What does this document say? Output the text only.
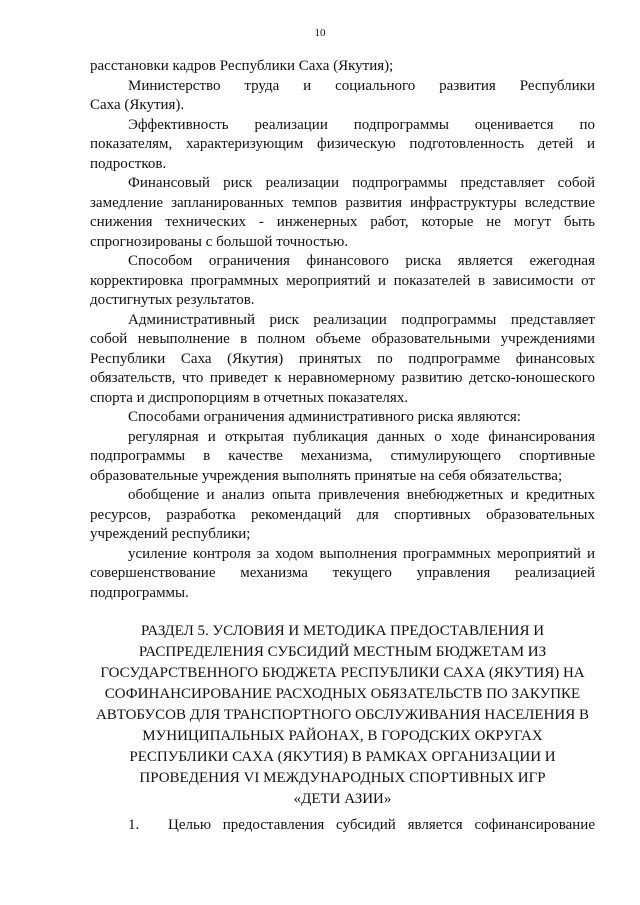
10

расстановки кадров Республики Саха (Якутия);

Министерство труда и социального развития Республики
Саха (Якутия).

Эффективность реализации подпрограммы оценивается по
показателям, характеризующим физическую подготовленность детей и
подростков.

Финансовый риск реализации подпрограммы представляет собой
замедление запланированных темпов развития инфраструктуры вследствие
снижения технических - инженерных работ, которые не могут быть
спрогнозированы с большой точностью.

Способом ограничения финансового риска является ежегодная
корректировка программных мероприятий и показателей в зависимости от
достигнутых результатов.

Административный риск реализации подпрограммы представляет
собой невыполнение в полном объеме образовательными учреждениями
Республики Саха (Якутия) принятых по подпрограмме финансовых
обязательств, что приведет к неравномерному развитию детско-юношеского
спорта и диспропорциям в отчетных показателях.

Способами ограничения административного риска являются:

регулярная и открытая публикация данных о ходе финансирования
подпрограммы в качестве механизма, стимулирующего спортивные
образовательные учреждения выполнять принятые на себя обязательства;

обобщение и анализ опыта привлечения внебюджетных и кредитных
ресурсов, разработка рекомендаций для спортивных образовательных
учреждений республики;

усиление контроля за ходом выполнения программных мероприятий и
совершенствование механизма текущего управления реализацией
подпрограммы.

РАЗДЕЛ 5. УСЛОВИЯ И МЕТОДИКА ПРЕДОСТАВЛЕНИЯ И
РАСПРЕДЕЛЕНИЯ СУБСИДИЙ МЕСТНЫМ БЮДЖЕТАМ ИЗ
ГОСУДАРСТВЕННОГО БЮДЖЕТА РЕСПУБЛИКИ САХА (ЯКУТИЯ) НА
СОФИНАНСИРОВАНИЕ РАСХОДНЫХ ОБЯЗАТЕЛЬСТВ ПО ЗАКУПКЕ
АВТОБУСОВ ДЛЯ ТРАНСПОРТНОГО ОБСЛУЖИВАНИЯ НАСЕЛЕНИЯ В
МУНИЦИПАЛЬНЫХ РАЙОНАХ, В ГОРОДСКИХ ОКРУГАХ
РЕСПУБЛИКИ САХА (ЯКУТИЯ) В РАМКАХ ОРГАНИЗАЦИИ И
ПРОВЕДЕНИЯ VI МЕЖДУНАРОДНЫХ СПОРТИВНЫХ ИГР
«ДЕТИ АЗИИ»
1.	Целью предоставления субсидий является софинансирование
